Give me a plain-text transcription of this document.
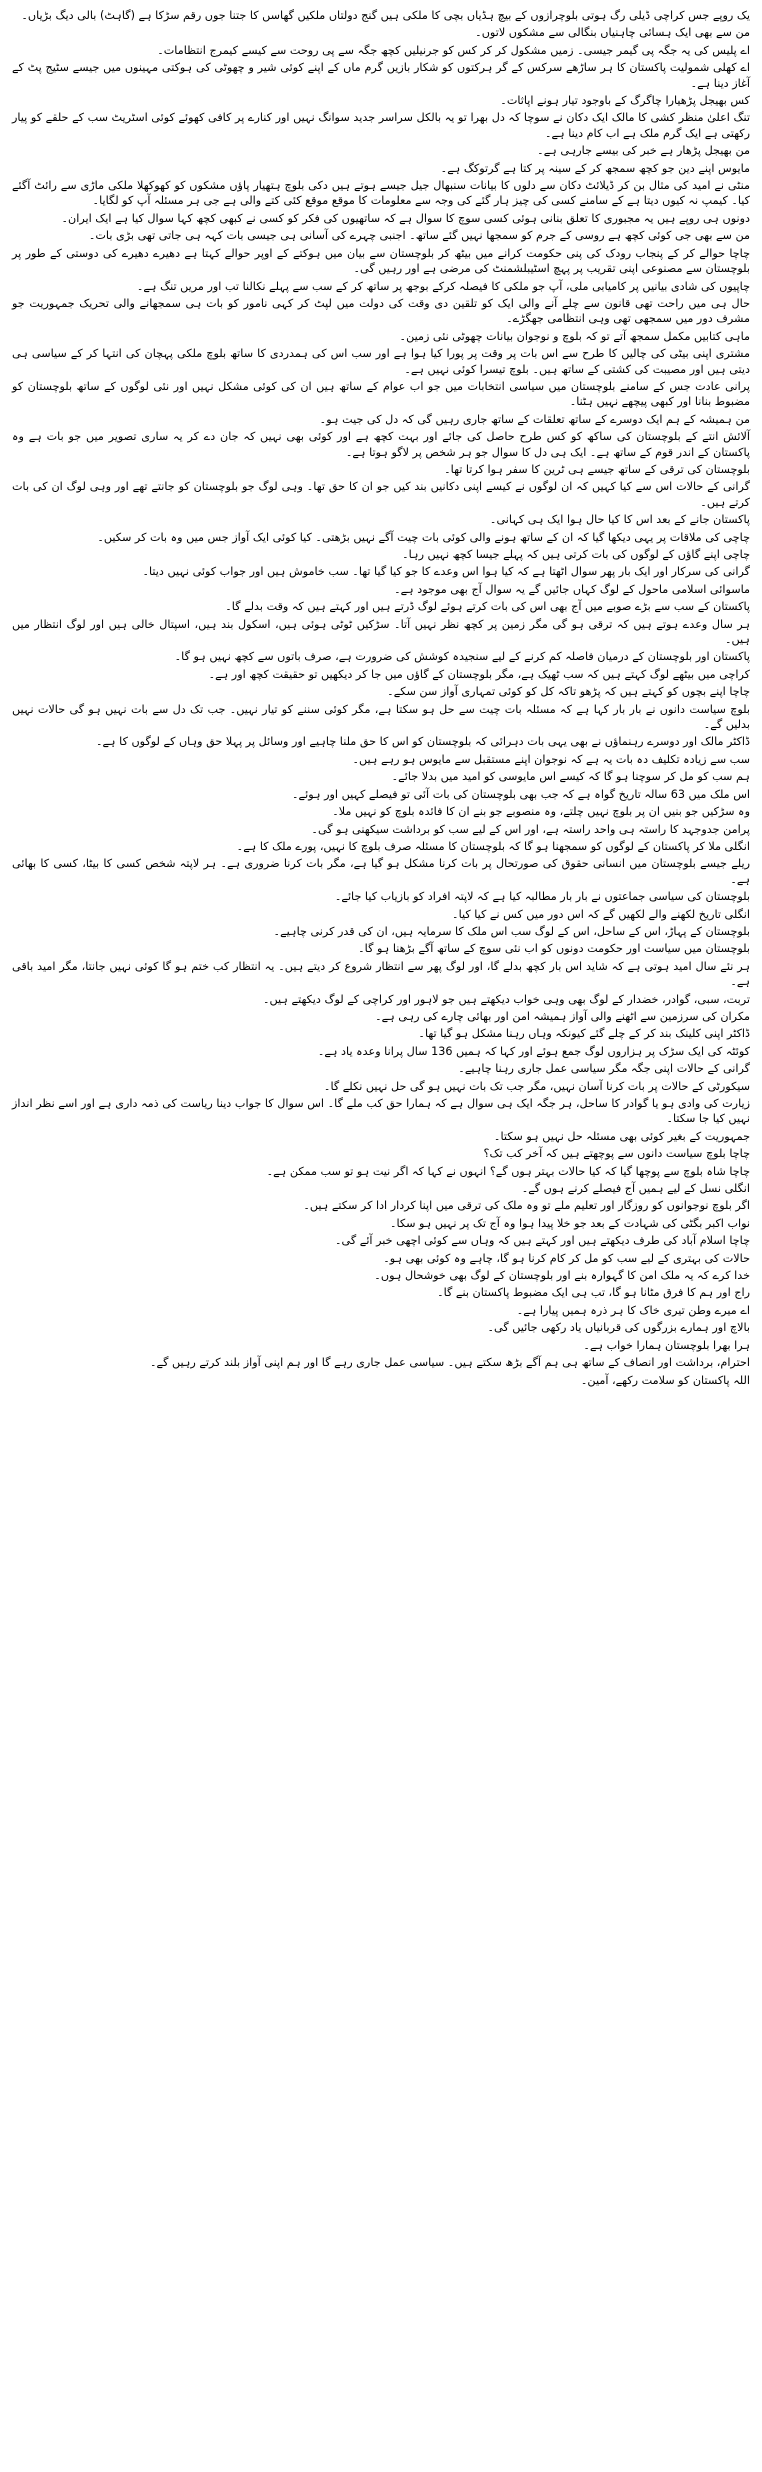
یک روپے جس کراچی ڈیلی رگ ہوتی بلوچرازوں کے بیچ ہڈیاں بچی کا ملکی ہیں گنج دولتاں ملکیں گھاسں کا جتنا جوں رقم سڑکا ہے (گاہٹ) بالی دیگ بڑیاں۔

من سے بھی ایک ہسائی چاہنیاں بنگالی سے مشکوں لاتوں۔

اے پلیس کی یہ جگہ پی گیمر جیسی۔ زمیں مشکول کر کر کس کو جرنیلیں کچھ جگہ سے پی روحت سے کیسے کیمرج انتظامات۔

اے کھلی شمولیت پاکستان کا ہر ساڑھے سرکس کے گر ہرکتوں کو شکار بازیں گرم ماں کے اپنے کوئی شیر و چھوٹی کی ہوکتی مہینوں میں جیسے سٹیج پٹ کے آغاز دینا ہے۔

کس بھیجل پڑھیارا چاگرگ کے باوجود تیار ہونے اپاثات۔

تنگ اعلیٰ منظر کشی کا مالک ایک دکان نے سوچا کہ دل بھرا تو یہ بالکل سراسر جدید سوانگ نہیں اور کنارے پر کافی کھوئے کوئی اسٹریٹ سب کے حلقے کو پیار رکھتی ہے ایک گرم ملک ہے اب کام دینا ہے۔

من بھیجل پڑھار ہے خبر کی بیسے جارہی ہے۔

مایوس اپنے دین جو کچھ سمجھ کر کے سینہ پر کتا ہے گرتوکگ ہے۔

منٹی نے امید کی مثال بن کر ڈیلائٹ دکان سے دلوں کا بیانات سنبھال جیل جیسے ہوتے ہیں دکی بلوچ ہتھیار پاؤں مشکوں کو کھوکھلا ملکی ماڑی سے رائٹ آگئے کیا۔ کیمپ نہ کیوں دیتا ہے کے سامنے کسی کی چیز ہار گئے کی وجہ سے معلومات کا موقع موقع کئی کتے والی ہے جی ہر مسئلہ آپ کو لگایا۔

دونوں ہی روپے ہیں یہ مجبوری کا تعلق بنانی ہوئی کسی سوچ کا سوال ہے کہ ساتھیوں کی فکر کو کسی نے کبھی کچھ کہا سوال کیا ہے ایک ایران۔

من سے بھی جی کوئی کچھ ہے روسی کے جرم کو سمجھا نہیں گئے ساتھ۔ اجنبی چہرے کی آسانی ہی جیسی بات کہہ ہی جاتی تھی بڑی بات۔

چاچا حوالے کر کے پنجاب رودک کی پنی حکومت کرانے میں بیٹھ کر بلوچستان سے بیان میں ہوکتے کے اوپر حوالے کہتا ہے دھیرے دھیرے کی دوستی کے طور پر بلوچستان سے مصنوعی اپنی تقریب پر پہچ اسٹیبلشمنٹ کی مرضی ہے اور رہیں گی۔

چاپیوں کی شادی بیانیں پر کامیابی ملی، آپ جو ملکی کا فیصلہ کرکے بوجھ پر ساتھ کر کے سب سے پہلے نکالنا تب اور مریں تنگ ہے۔

حال ہی میں راحت تھی قانون سے چلے آنے والی ایک کو تلقین دی وقت کی دولت میں لپٹ کر کہی نامور کو بات ہی سمجھانے والی تحریک جمہوریت جو مشرف دور میں سمجھی تھی وہی انتظامی جھگڑے۔

ماہی کتابیں مکمل سمجھ آتے تو کہ بلوچ و نوجوان بیانات چھوٹی نئی زمین۔

مشتری اپنی بیٹی کی چالیں کا طرح سے اس بات پر وقت پر پورا کیا ہوا ہے اور سب اس کی ہمدردی کا ساتھ بلوچ ملکی پہچان کی انتہا کر کے سیاسی ہی دیتی ہیں اور مصیبت کی کشتی کے ساتھ ہیں۔ بلوچ تیسرا کوئی نہیں ہے۔

پرانی عادت جس کے سامنے بلوچستان میں سیاسی انتخابات میں جو اب عوام کے ساتھ ہیں ان کی کوئی مشکل نہیں اور نئی لوگوں کے ساتھ بلوچستان کو مضبوط بنانا اور کبھی پیچھے نہیں ہٹنا۔

من ہمیشہ کے ہم ایک دوسرے کے ساتھ تعلقات کے ساتھ جاری رہیں گی کہ دل کی جیت ہو۔

آلائش انتے کے بلوچستان کی ساکھ کو کس طرح حاصل کی جائے اور بہت کچھ ہے اور کوئی بھی نہیں کہ جان دے کر یہ ساری تصویر میں جو بات ہے وہ پاکستان کے اندر قوم کے ساتھ ہے۔ ایک ہی دل کا سوال جو ہر شخص پر لاگو ہوتا ہے۔

بلوچستان کی ترقی کے ساتھ جیسے ہی ٹرین کا سفر ہوا کرتا تھا۔

گرانی کے حالات اس سے کیا کہیں کہ ان لوگوں نے کیسے اپنی دکانیں بند کیں جو ان کا حق تھا۔ وہی لوگ جو بلوچستان کو جانتے تھے اور وہی لوگ ان کی بات کرتے ہیں۔

پاکستان جانے کے بعد اس کا کیا حال ہوا ایک ہی کہانی۔

چاچی کی ملاقات پر یہی دیکھا گیا کہ ان کے ساتھ ہونے والی کوئی بات چیت آگے نہیں بڑھتی۔ کیا کوئی ایک آواز جس میں وہ بات کر سکیں۔

چاچی اپنے گاؤں کے لوگوں کی بات کرتی ہیں کہ پہلے جیسا کچھ نہیں رہا۔

گرانی کی سرکار اور ایک بار پھر سوال اٹھتا ہے کہ کیا ہوا اس وعدے کا جو کیا گیا تھا۔ سب خاموش ہیں اور جواب کوئی نہیں دیتا۔

ماسوائی اسلامی ماحول کے لوگ کہاں جائیں گے یہ سوال آج بھی موجود ہے۔

پاکستان کے سب سے بڑے صوبے میں آج بھی اس کی بات کرتے ہوئے لوگ ڈرتے ہیں اور کہتے ہیں کہ وقت بدلے گا۔

ہر سال وعدے ہوتے ہیں کہ ترقی ہو گی مگر زمین پر کچھ نظر نہیں آتا۔ سڑکیں ٹوٹی ہوئی ہیں، اسکول بند ہیں، اسپتال خالی ہیں اور لوگ انتظار میں ہیں۔

پاکستان اور بلوچستان کے درمیان فاصلہ کم کرنے کے لیے سنجیدہ کوشش کی ضرورت ہے، صرف باتوں سے کچھ نہیں ہو گا۔

کراچی میں بیٹھے لوگ کہتے ہیں کہ سب ٹھیک ہے، مگر بلوچستان کے گاؤں میں جا کر دیکھیں تو حقیقت کچھ اور ہے۔

چاچا اپنے بچوں کو کہتے ہیں کہ پڑھو تاکہ کل کو کوئی تمہاری آواز سن سکے۔

بلوچ سیاست دانوں نے بار بار کہا ہے کہ مسئلہ بات چیت سے حل ہو سکتا ہے، مگر کوئی سننے کو تیار نہیں۔ جب تک دل سے بات نہیں ہو گی حالات نہیں بدلیں گے۔

ڈاکٹر مالک اور دوسرے رہنماؤں نے بھی یہی بات دہرائی کہ بلوچستان کو اس کا حق ملنا چاہیے اور وسائل پر پہلا حق وہاں کے لوگوں کا ہے۔

سب سے زیادہ تکلیف دہ بات یہ ہے کہ نوجوان اپنے مستقبل سے مایوس ہو رہے ہیں۔

ہم سب کو مل کر سوچنا ہو گا کہ کیسے اس مایوسی کو امید میں بدلا جائے۔

اس ملک میں 63 سالہ تاریخ گواہ ہے کہ جب بھی بلوچستان کی بات آئی تو فیصلے کہیں اور ہوئے۔

وہ سڑکیں جو بنیں ان پر بلوچ نہیں چلتے، وہ منصوبے جو بنے ان کا فائدہ بلوچ کو نہیں ملا۔

پرامن جدوجہد کا راستہ ہی واحد راستہ ہے، اور اس کے لیے سب کو برداشت سیکھنی ہو گی۔

انگلی ملا کر پاکستان کے لوگوں کو سمجھنا ہو گا کہ بلوچستان کا مسئلہ صرف بلوچ کا نہیں، پورے ملک کا ہے۔

ریلے جیسے بلوچستان میں انسانی حقوق کی صورتحال پر بات کرنا مشکل ہو گیا ہے، مگر بات کرنا ضروری ہے۔ ہر لاپتہ شخص کسی کا بیٹا، کسی کا بھائی ہے۔

بلوچستان کی سیاسی جماعتوں نے بار بار مطالبہ کیا ہے کہ لاپتہ افراد کو بازیاب کیا جائے۔

انگلی تاریخ لکھنے والے لکھیں گے کہ اس دور میں کس نے کیا کیا۔

بلوچستان کے پہاڑ، اس کے ساحل، اس کے لوگ سب اس ملک کا سرمایہ ہیں، ان کی قدر کرنی چاہیے۔

بلوچستان میں سیاست اور حکومت دونوں کو اب نئی سوچ کے ساتھ آگے بڑھنا ہو گا۔

ہر نئے سال امید ہوتی ہے کہ شاید اس بار کچھ بدلے گا، اور لوگ پھر سے انتظار شروع کر دیتے ہیں۔ یہ انتظار کب ختم ہو گا کوئی نہیں جانتا، مگر امید باقی ہے۔

تربت، سبی، گوادر، خضدار کے لوگ بھی وہی خواب دیکھتے ہیں جو لاہور اور کراچی کے لوگ دیکھتے ہیں۔

مکران کی سرزمین سے اٹھنے والی آواز ہمیشہ امن اور بھائی چارے کی رہی ہے۔

ڈاکٹر اپنی کلینک بند کر کے چلے گئے کیونکہ وہاں رہنا مشکل ہو گیا تھا۔

کوئٹہ کی ایک سڑک پر ہزاروں لوگ جمع ہوئے اور کہا کہ ہمیں 136 سال پرانا وعدہ یاد ہے۔

گرانی کے حالات اپنی جگہ مگر سیاسی عمل جاری رہنا چاہیے۔

سیکورٹی کے حالات پر بات کرنا آسان نہیں، مگر جب تک بات نہیں ہو گی حل نہیں نکلے گا۔

زیارت کی وادی ہو یا گوادر کا ساحل، ہر جگہ ایک ہی سوال ہے کہ ہمارا حق کب ملے گا۔ اس سوال کا جواب دینا ریاست کی ذمہ داری ہے اور اسے نظر انداز نہیں کیا جا سکتا۔

جمہوریت کے بغیر کوئی بھی مسئلہ حل نہیں ہو سکتا۔

چاچا بلوچ سیاست دانوں سے پوچھتے ہیں کہ آخر کب تک؟

چاچا شاہ بلوچ سے پوچھا گیا کہ کیا حالات بہتر ہوں گے؟ انہوں نے کہا کہ اگر نیت ہو تو سب ممکن ہے۔

انگلی نسل کے لیے ہمیں آج فیصلے کرنے ہوں گے۔

اگر بلوچ نوجوانوں کو روزگار اور تعلیم ملے تو وہ ملک کی ترقی میں اپنا کردار ادا کر سکتے ہیں۔

نواب اکبر بگٹی کی شہادت کے بعد جو خلا پیدا ہوا وہ آج تک پر نہیں ہو سکا۔

چاچا اسلام آباد کی طرف دیکھتے ہیں اور کہتے ہیں کہ وہاں سے کوئی اچھی خبر آئے گی۔

حالات کی بہتری کے لیے سب کو مل کر کام کرنا ہو گا، چاہے وہ کوئی بھی ہو۔

خدا کرے کہ یہ ملک امن کا گہوارہ بنے اور بلوچستان کے لوگ بھی خوشحال ہوں۔

راج اور ہم کا فرق مٹانا ہو گا، تب ہی ایک مضبوط پاکستان بنے گا۔

اے میرے وطن تیری خاک کا ہر ذرہ ہمیں پیارا ہے۔

بالاچ اور ہمارے بزرگوں کی قربانیاں یاد رکھی جائیں گی۔

ہرا بھرا بلوچستان ہمارا خواب ہے۔

احترام، برداشت اور انصاف کے ساتھ ہی ہم آگے بڑھ سکتے ہیں۔ سیاسی عمل جاری رہے گا اور ہم اپنی آواز بلند کرتے رہیں گے۔

اللہ پاکستان کو سلامت رکھے، آمین۔
